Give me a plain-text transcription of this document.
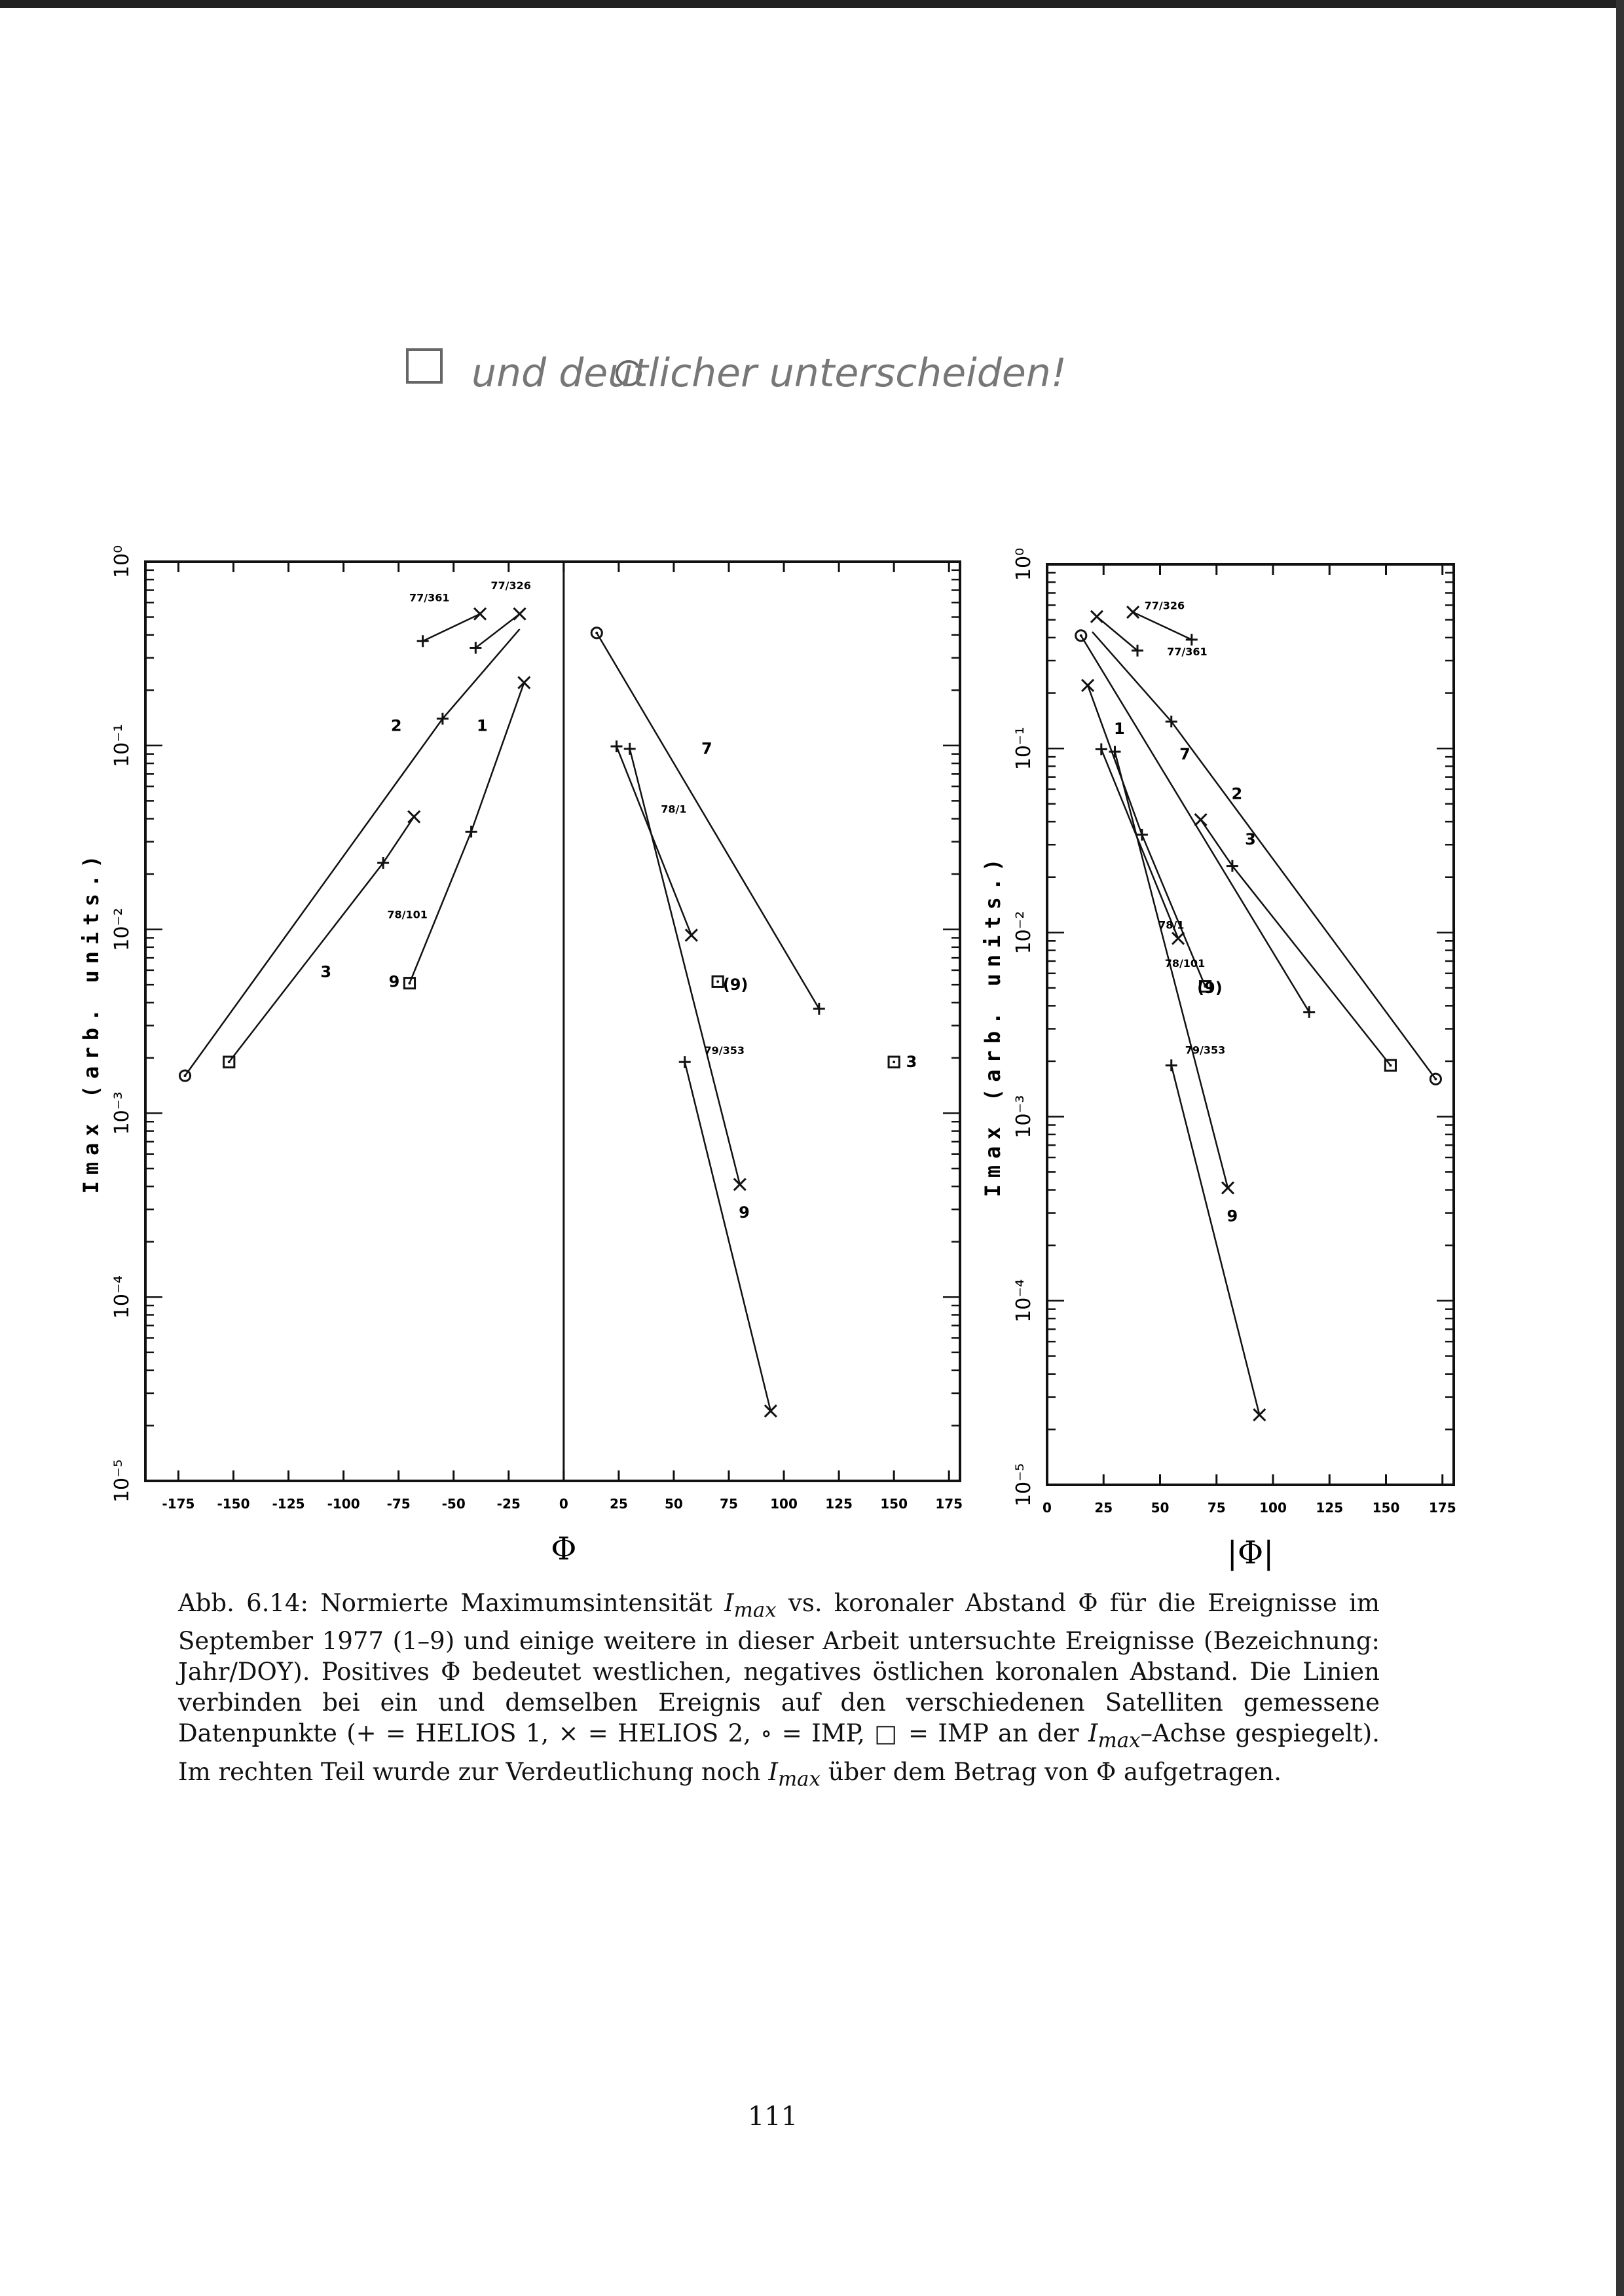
und deutlicher unterscheiden!
-175 -150 -125 -100 -75 -50 -25	0	25	50	75 100 125 150 175
10⁰
10⁻¹
10⁻²
10⁻³
10⁻⁴
10⁻⁵
Imax (arb. units.)
Φ
77/361
77/326
2	1
78/101
3
7
78/1
79/353
9
9	(9)
3
0	25	50	75	100 125 150 175
10⁰
10⁻¹
10⁻²
10⁻³
10⁻⁴
10⁻⁵
Imax (arb. units.)
|Φ|
77/326
77/361
1
7
2
3
78/1
78/101
79/353
9
(9)
Abb. 6.14: Normierte Maximumsintensität $I_{max}$ vs. koronaler Abstand Φ für die Ereignisse im September 1977 (1–9) und einige weitere in dieser Arbeit untersuchte Ereignisse (Bezeichnung: Jahr/DOY). Positives Φ bedeutet westlichen, negatives östlichen koronalen Abstand. Die Linien verbinden bei ein und demselben Ereignis auf den verschiedenen Satelliten gemessene Datenpunkte (+ = HELIOS 1, × = HELIOS 2, ∘ = IMP, □ = IMP an der $I_{max}$–Achse gespiegelt). Im rechten Teil wurde zur Verdeutlichung noch $I_{max}$ über dem Betrag von Φ aufgetragen.
111
